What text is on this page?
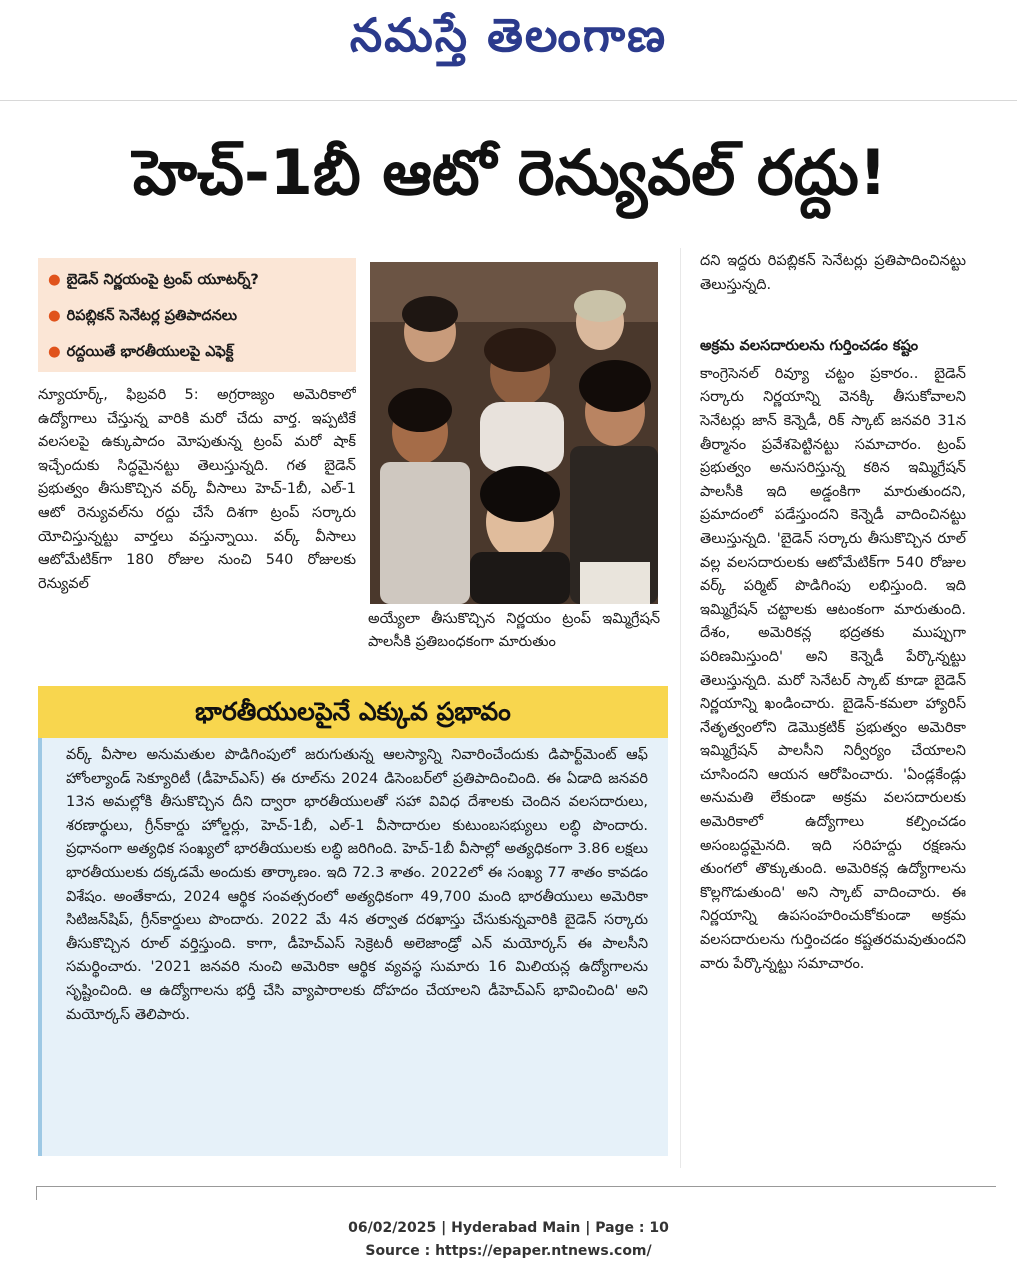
నమస్తే తెలంగాణ
హెచ్-1బీ ఆటో రెన్యువల్ రద్దు!
● బైడెన్ నిర్ణయంపై ట్రంప్ యూటర్న్?
● రిపబ్లికన్ సెనేటర్ల ప్రతిపాదనలు
● రద్దయితే భారతీయులపై ఎఫెక్ట్

న్యూయార్క్, ఫిబ్రవరి 5: అగ్రరాజ్యం అమెరికాలో ఉద్యోగాలు చేస్తున్న వారికి మరో చేదు వార్త. ఇప్పటికే వలసలపై ఉక్కుపాదం మోపుతున్న ట్రంప్ మరో షాక్ ఇచ్చేందుకు సిద్ధమైనట్టు తెలుస్తున్నది. గత బైడెన్ ప్రభుత్వం తీసుకొచ్చిన వర్క్ వీసాలు హెచ్-1బీ, ఎల్-1 ఆటో రెన్యువల్‌ను రద్దు చేసే దిశగా ట్రంప్ సర్కారు యోచిస్తున్నట్టు వార్తలు వస్తున్నాయి. వర్క్ వీసాలు ఆటోమేటిక్‌గా 180 రోజుల నుంచి 540 రోజులకు రెన్యువల్

అయ్యేలా తీసుకొచ్చిన నిర్ణయం ట్రంప్ ఇమ్మిగ్రేషన్ పాలసీకి ప్రతిబంధకంగా మారుతుం

దని ఇద్దరు రిపబ్లికన్ సెనేటర్లు ప్రతిపాదించినట్టు తెలుస్తున్నది.

అక్రమ వలసదారులను గుర్తించడం కష్టం

కాంగ్రెసెనల్ రివ్యూ చట్టం ప్రకారం.. బైడెన్ సర్కారు నిర్ణయాన్ని వెనక్కి తీసుకోవాలని సెనేటర్లు జాన్ కెన్నెడీ, రిక్ స్కాట్ జనవరి 31న తీర్మానం ప్రవేశపెట్టినట్టు సమాచారం. ట్రంప్ ప్రభుత్వం అనుసరిస్తున్న కఠిన ఇమ్మిగ్రేషన్ పాలసీకి ఇది అడ్డంకిగా మారుతుందని, ప్రమాదంలో పడేస్తుందని కెన్నెడీ వాదించినట్టు తెలుస్తున్నది. 'బైడెన్ సర్కారు తీసుకొచ్చిన రూల్ వల్ల వలసదారులకు ఆటోమేటిక్‌గా 540 రోజుల వర్క్ పర్మిట్ పొడిగింపు లభిస్తుంది. ఇది ఇమ్మిగ్రేషన్ చట్టాలకు ఆటంకంగా మారుతుంది. దేశం, అమెరికన్ల భద్రతకు ముప్పుగా పరిణమిస్తుంది' అని కెన్నెడీ పేర్కొన్నట్టు తెలుస్తున్నది. మరో సెనేటర్ స్కాట్ కూడా బైడెన్ నిర్ణయాన్ని ఖండించారు. బైడెన్-కమలా హ్యారిస్ నేతృత్వంలోని డెమొక్రటిక్ ప్రభుత్వం అమెరికా ఇమ్మిగ్రేషన్ పాలసీని నిర్వీర్యం చేయాలని చూసిందని ఆయన ఆరోపించారు. 'ఏండ్లకేండ్లు అనుమతి లేకుండా అక్రమ వలసదారులకు అమెరికాలో ఉద్యోగాలు కల్పించడం అసంబద్ధమైనది. ఇది సరిహద్దు రక్షణను తుంగలో తొక్కుతుంది. అమెరికన్ల ఉద్యోగాలను కొల్లగొడుతుంది' అని స్కాట్ వాదించారు. ఈ నిర్ణయాన్ని ఉపసంహరించుకోకుండా అక్రమ వలసదారులను గుర్తించడం కష్టతరమవుతుందని వారు పేర్కొన్నట్టు సమాచారం.

భారతీయులపైనే ఎక్కువ ప్రభావం

వర్క్ వీసాల అనుమతుల పొడిగింపులో జరుగుతున్న ఆలస్యాన్ని నివారించేందుకు డిపార్ట్‌మెంట్ ఆఫ్ హోంల్యాండ్ సెక్యూరిటీ (డీహెచ్‌ఎస్) ఈ రూల్‌ను 2024 డిసెంబర్‌లో ప్రతిపాదించింది. ఈ ఏడాది జనవరి 13న అమల్లోకి తీసుకొచ్చిన దీని ద్వారా భారతీయులతో సహా వివిధ దేశాలకు చెందిన వలసదారులు, శరణార్థులు, గ్రీన్‌కార్డు హోల్డర్లు, హెచ్-1బీ, ఎల్-1 వీసాదారుల కుటుంబసభ్యులు లబ్ధి పొందారు. ప్రధానంగా అత్యధిక సంఖ్యలో భారతీయులకు లబ్ధి జరిగింది. హెచ్-1బీ వీసాల్లో అత్యధికంగా 3.86 లక్షలు భారతీయులకు దక్కడమే అందుకు తార్కాణం. ఇది 72.3 శాతం. 2022లో ఈ సంఖ్య 77 శాతం కావడం విశేషం. అంతేకాదు, 2024 ఆర్థిక సంవత్సరంలో అత్యధికంగా 49,700 మంది భారతీయులు అమెరికా సిటిజన్‌షిప్, గ్రీన్‌కార్డులు పొందారు. 2022 మే 4న తర్వాత దరఖాస్తు చేసుకున్నవారికి బైడెన్ సర్కారు తీసుకొచ్చిన రూల్ వర్తిస్తుంది. కాగా, డీహెచ్‌ఎస్ సెక్రెటరీ అలెజాండ్రో ఎన్ మయోర్కస్ ఈ పాలసీని సమర్థించారు. '2021 జనవరి నుంచి అమెరికా ఆర్థిక వ్యవస్థ సుమారు 16 మిలియన్ల ఉద్యోగాలను సృష్టించింది. ఆ ఉద్యోగాలను భర్తీ చేసి వ్యాపారాలకు దోహదం చేయాలని డీహెచ్‌ఎస్ భావించింది' అని మయోర్కస్ తెలిపారు.

06/02/2025 | Hyderabad Main | Page : 10
Source : https://epaper.ntnews.com/
